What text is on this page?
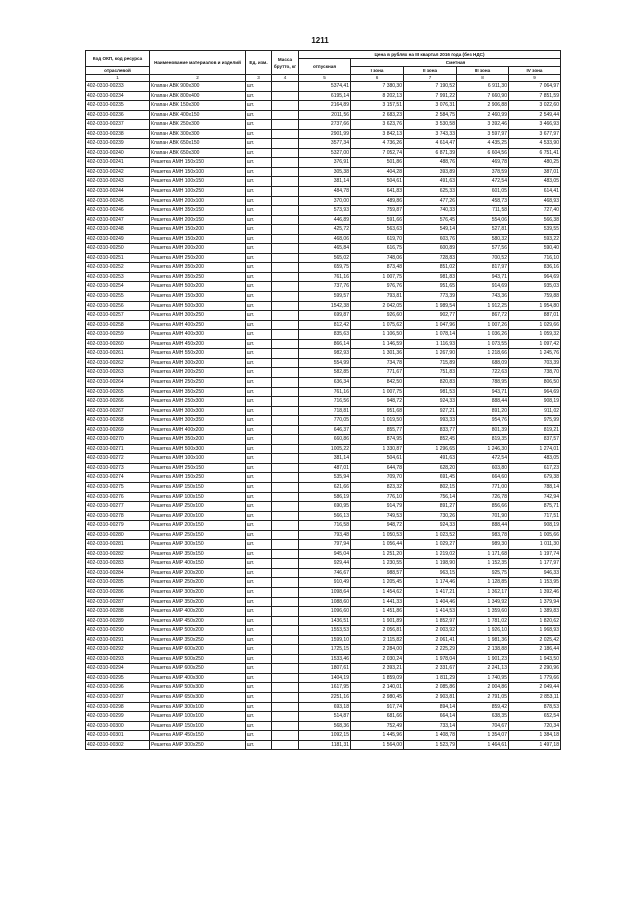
1211
Код ОКП, код ресурса	Наименование материалов и изделий	Ед. изм.	Масса брутто, кг	Цена в рублях на III квартал 2016 года (без НДС)				
				отпускная	Сметная			
					I зона	II зона	III зона	IV зона
отраслевой								
1	2	3	4	5	6	7	8	9
402-0310-00233	Клапан АВК 900х300	шт.		5374,41	7 380,30	7 190,52	6 911,30	7 064,97
402-0310-00234	Клапан АВК 800х400	шт.		6195,14	8 202,13	7 991,22	7 660,90	7 851,59
402-0310-00235	Клапан АВК 150х300	шт.		2164,89	3 157,51	3 076,31	2 906,88	3 022,60
402-0310-00236	Клапан АВК 400х150	шт.		2011,56	2 683,23	2 584,75	2 460,99	2 549,44
402-0310-00237	Клапан АВК 250х300	шт.		2737,66	3 623,76	3 530,58	3 392,46	3 466,93
402-0310-00238	Клапан АВК 300х300	шт.		2901,99	3 842,13	3 743,33	3 597,97	3 677,97
402-0310-00239	Клапан АВК 650х150	шт.		3577,34	4 736,26	4 614,47	4 435,25	4 533,90
402-0310-00240	Клапан АВК 650х300	шт.		5327,00	7 052,74	6 871,39	6 604,56	6 751,41
402-0310-00241	Решетка АМН 150х150	шт.		376,91	501,86	488,76	469,78	480,25
402-0310-00242	Решетка АМН 150х100	шт.		305,38	404,28	393,89	378,59	387,01
402-0310-00243	Решетка АМН 100х150	шт.		381,14	504,61	491,63	472,54	483,05
402-0310-00244	Решетка АМН 100х250	шт.		484,78	641,83	625,33	601,05	614,41
402-0310-00245	Решетка АМН 200х100	шт.		370,00	489,86	477,26	458,73	468,93
402-0310-00246	Решетка АМН 350х150	шт.		573,93	759,87	740,33	711,58	727,40
402-0310-00247	Решетка АМН 200х150	шт.		446,89	591,66	576,45	554,06	566,38
402-0310-00248	Решетка АМН 150х200	шт.		425,72	563,63	549,14	527,81	539,55
402-0310-00249	Решетка АМН 150х200	шт.		468,06	619,70	603,76	580,32	593,22
402-0310-00250	Решетка АМН 200х200	шт.		465,84	616,75	600,89	577,56	590,40
402-0310-00251	Решетка АМН 250х200	шт.		565,02	748,06	728,83	700,52	716,10
402-0310-00252	Решетка АМН 350х200	шт.		659,75	873,48	851,02	817,97	836,16
402-0310-00253	Решетка АМН 350х250	шт.		761,16	1 007,75	981,83	943,71	964,69
402-0310-00254	Решетка АМН 500х200	шт.		737,76	976,76	951,65	914,69	935,03
402-0310-00255	Решетка АМН 150х300	шт.		599,57	793,81	773,39	743,36	759,88
402-0310-00256	Решетка АМН 500х300	шт.		1542,38	2 042,05	1 989,54	1 912,25	1 954,80
402-0310-00257	Решетка АМН 300х250	шт.		699,87	926,60	902,77	867,72	887,01
402-0310-00258	Решетка АМН 400х250	шт.		812,42	1 075,62	1 047,96	1 007,26	1 029,66
402-0310-00259	Решетка АМН 400х300	шт.		835,63	1 106,50	1 078,14	1 036,26	1 059,32
402-0310-00260	Решетка АМН 450х200	шт.		866,14	1 146,59	1 116,93	1 073,55	1 097,42
402-0310-00261	Решетка АМН 550х200	шт.		982,93	1 301,36	1 267,90	1 218,66	1 245,76
402-0310-00262	Решетка АМН 300х200	шт.		554,99	734,78	715,89	688,09	703,39
402-0310-00263	Решетка АМН 200х250	шт.		582,85	771,67	751,83	722,63	738,70
402-0310-00264	Решетка АМН 250х250	шт.		636,34	842,50	820,83	788,95	806,50
402-0310-00265	Решетка АМН 350х250	шт.		761,16	1 007,75	981,53	943,71	964,69
402-0310-00266	Решетка АМН 250х300	шт.		716,56	948,72	924,33	888,44	908,19
402-0310-00267	Решетка АМН 300х300	шт.		718,81	951,68	927,21	891,20	911,02
402-0310-00268	Решетка АМН 300х350	шт.		770,05	1 019,50	993,33	954,76	975,99
402-0310-00269	Решетка АМН 400х200	шт.		646,37	855,77	833,77	801,39	819,21
402-0310-00270	Решетка АМН 350х200	шт.		660,86	874,95	852,45	819,35	837,57
402-0310-00271	Решетка АМН 500х300	шт.		1005,22	1 330,87	1 296,65	1 246,30	1 274,01
402-0310-00272	Решетка АМН 100х100	шт.		381,14	504,61	491,63	472,54	483,05
402-0310-00273	Решетка АМН 250х150	шт.		487,01	644,78	628,20	603,80	617,23
402-0310-00274	Решетка АМН 150х250	шт.		535,94	709,70	691,45	664,60	679,38
402-0310-00275	Решетка АМР 150х150	шт.		621,66	823,32	802,15	771,00	788,14
402-0310-00276	Решетка АМР 100х150	шт.		586,19	776,10	756,14	726,78	742,94
402-0310-00277	Решетка АМР 250х100	шт.		690,95	914,79	891,27	856,66	875,71
402-0310-00278	Решетка АМР 200х100	шт.		566,13	749,53	730,26	701,90	717,51
402-0310-00279	Решетка АМР 200х150	шт.		716,58	948,72	924,33	888,44	908,19
402-0310-00280	Решетка АМР 250х150	шт.		793,48	1 050,53	1 023,52	983,78	1 005,66
402-0310-00281	Решетка АМР 300х150	шт.		797,94	1 056,44	1 029,27	989,30	1 011,30
402-0310-00282	Решетка АМР 350х150	шт.		945,04	1 251,20	1 219,02	1 171,68	1 197,74
402-0310-00283	Решетка АМР 400х150	шт.		929,44	1 230,55	1 198,90	1 152,35	1 177,97
402-0310-00284	Решетка АМР 200х200	шт.		746,67	988,57	963,15	925,75	946,33
402-0310-00285	Решетка АМР 250х200	шт.		910,49	1 205,45	1 174,46	1 128,85	1 153,95
402-0310-00286	Решетка АМР 300х200	шт.		1098,64	1 454,62	1 417,21	1 362,17	1 392,46
402-0310-00287	Решетка АМР 350х200	шт.		1088,60	1 441,33	1 404,46	1 349,92	1 379,94
402-0310-00288	Решетка АМР 400х200	шт.		1096,60	1 451,86	1 414,53	1 359,60	1 389,83
402-0310-00289	Решетка АМР 450х200	шт.		1436,51	1 901,89	1 852,97	1 781,02	1 820,62
402-0310-00290	Решетка АМР 500х200	шт.		1553,53	2 056,81	2 003,92	1 926,10	1 968,93
402-0310-00291	Решетка АМР 350х250	шт.		1599,10	2 115,82	2 061,41	1 981,36	2 025,42
402-0310-00292	Решетка АМР 600х200	шт.		1725,15	2 284,00	2 225,29	2 138,88	2 186,44
402-0310-00293	Решетка АМР 500х250	шт.		1533,46	2 030,24	1 978,04	1 901,23	1 943,50
402-0310-00294	Решетка АМР 600х250	шт.		1807,61	2 393,21	2 331,67	2 241,13	2 290,96
402-0310-00295	Решетка АМР 400х300	шт.		1404,19	1 859,09	1 811,29	1 740,95	1 779,66
402-0310-00296	Решетка АМР 500х300	шт.		1617,95	2 140,01	2 085,86	2 004,86	2 049,44
402-0310-00297	Решетка АМР 650х300	шт.		2251,16	2 980,45	2 903,81	2 791,05	2 853,11
402-0310-00298	Решетка АМР 300х100	шт.		693,18	917,74	894,14	859,42	878,53
402-0310-00299	Решетка АМР 100х100	шт.		514,87	681,66	664,14	638,35	652,54
402-0310-00300	Решетка АМР 150х100	шт.		568,36	752,49	733,14	704,67	720,34
402-0310-00301	Решетка АМР 450х150	шт.		1092,15	1 445,96	1 408,78	1 354,07	1 384,18
402-0310-00302	Решетка АМР 300х250	шт.		1181,31	1 564,00	1 523,79	1 464,61	1 497,18
